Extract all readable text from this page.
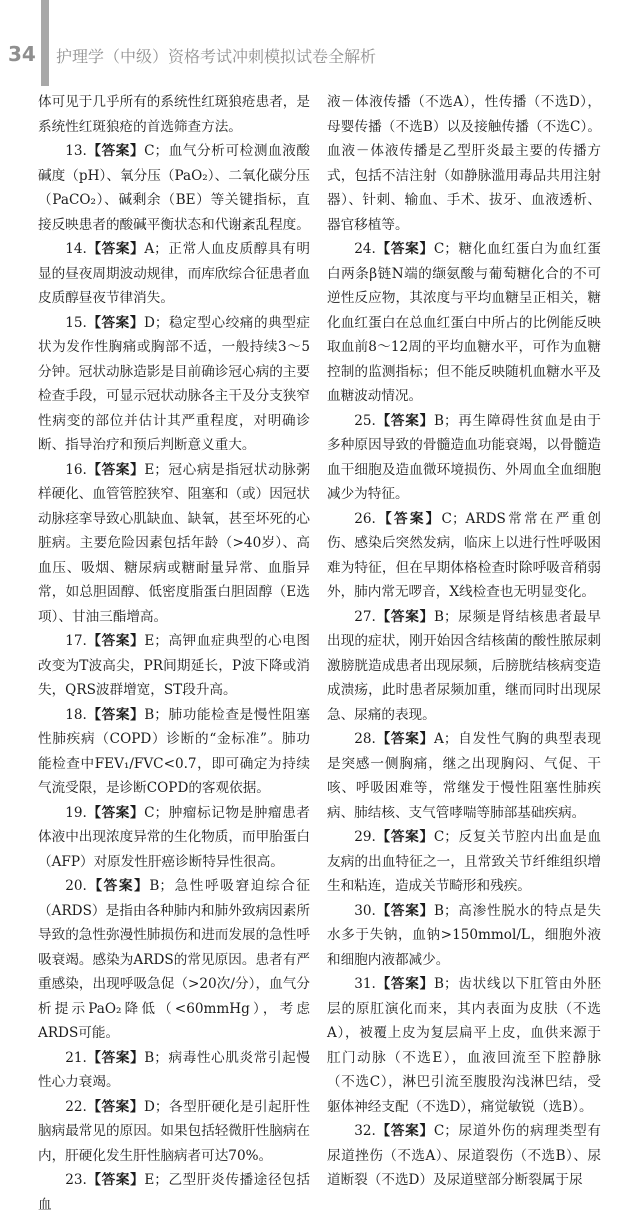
34 护理学（中级）资格考试冲刺模拟试卷全解析

体可见于几乎所有的系统性红斑狼疮患者，是系统性红斑狼疮的首选筛查方法。

13.【答案】C；血气分析可检测血液酸碱度（pH）、氧分压（PaO₂）、二氧化碳分压（PaCO₂）、碱剩余（BE）等关键指标，直接反映患者的酸碱平衡状态和代谢紊乱程度。

14.【答案】A；正常人血皮质醇具有明显的昼夜周期波动规律，而库欣综合征患者血皮质醇昼夜节律消失。

15.【答案】D；稳定型心绞痛的典型症状为发作性胸痛或胸部不适，一般持续3～5分钟。冠状动脉造影是目前确诊冠心病的主要检查手段，可显示冠状动脉各主干及分支狭窄性病变的部位并估计其严重程度，对明确诊断、指导治疗和预后判断意义重大。

16.【答案】E；冠心病是指冠状动脉粥样硬化、血管管腔狭窄、阻塞和（或）因冠状动脉痉挛导致心肌缺血、缺氧，甚至坏死的心脏病。主要危险因素包括年龄（>40岁）、高血压、吸烟、糖尿病或糖耐量异常、血脂异常，如总胆固醇、低密度脂蛋白胆固醇（E选项）、甘油三酯增高。

17.【答案】E；高钾血症典型的心电图改变为T波高尖，PR间期延长，P波下降或消失，QRS波群增宽，ST段升高。

18.【答案】B；肺功能检查是慢性阻塞性肺疾病（COPD）诊断的“金标准”。肺功能检查中FEV₁/FVC<0.7，即可确定为持续气流受限，是诊断COPD的客观依据。

19.【答案】C；肿瘤标记物是肿瘤患者体液中出现浓度异常的生化物质，而甲胎蛋白（AFP）对原发性肝癌诊断特异性很高。

20.【答案】B；急性呼吸窘迫综合征（ARDS）是指由各种肺内和肺外致病因素所导致的急性弥漫性肺损伤和进而发展的急性呼吸衰竭。感染为ARDS的常见原因。患者有严重感染，出现呼吸急促（>20次/分），血气分析提示PaO₂降低（<60mmHg），考虑ARDS可能。

21.【答案】B；病毒性心肌炎常引起慢性心力衰竭。

22.【答案】D；各型肝硬化是引起肝性脑病最常见的原因。如果包括轻微肝性脑病在内，肝硬化发生肝性脑病者可达70%。

23.【答案】E；乙型肝炎传播途径包括血

液－体液传播（不选A），性传播（不选D），母婴传播（不选B）以及接触传播（不选C）。血液－体液传播是乙型肝炎最主要的传播方式，包括不洁注射（如静脉滥用毒品共用注射器）、针刺、输血、手术、拔牙、血液透析、器官移植等。

24.【答案】C；糖化血红蛋白为血红蛋白两条β链N端的缬氨酸与葡萄糖化合的不可逆性反应物，其浓度与平均血糖呈正相关，糖化血红蛋白在总血红蛋白中所占的比例能反映取血前8～12周的平均血糖水平，可作为血糖控制的监测指标；但不能反映随机血糖水平及血糖波动情况。

25.【答案】B；再生障碍性贫血是由于多种原因导致的骨髓造血功能衰竭，以骨髓造血干细胞及造血微环境损伤、外周血全血细胞减少为特征。

26.【答案】C；ARDS常常在严重创伤、感染后突然发病，临床上以进行性呼吸困难为特征，但在早期体格检查时除呼吸音稍弱外，肺内常无啰音，X线检查也无明显变化。

27.【答案】B；尿频是肾结核患者最早出现的症状，刚开始因含结核菌的酸性脓尿刺激膀胱造成患者出现尿频，后膀胱结核病变造成溃疡，此时患者尿频加重，继而同时出现尿急、尿痛的表现。

28.【答案】A；自发性气胸的典型表现是突感一侧胸痛，继之出现胸闷、气促、干咳、呼吸困难等，常继发于慢性阻塞性肺疾病、肺结核、支气管哮喘等肺部基础疾病。

29.【答案】C；反复关节腔内出血是血友病的出血特征之一，且常致关节纤维组织增生和粘连，造成关节畸形和残疾。

30.【答案】B；高渗性脱水的特点是失水多于失钠，血钠>150mmol/L，细胞外液和细胞内液都减少。

31.【答案】B；齿状线以下肛管由外胚层的原肛演化而来，其内表面为皮肤（不选A），被覆上皮为复层扁平上皮，血供来源于肛门动脉（不选E），血液回流至下腔静脉（不选C），淋巴引流至腹股沟浅淋巴结，受躯体神经支配（不选D），痛觉敏锐（选B）。

32.【答案】C；尿道外伤的病理类型有尿道挫伤（不选A）、尿道裂伤（不选B）、尿道断裂（不选D）及尿道壁部分断裂属于尿
